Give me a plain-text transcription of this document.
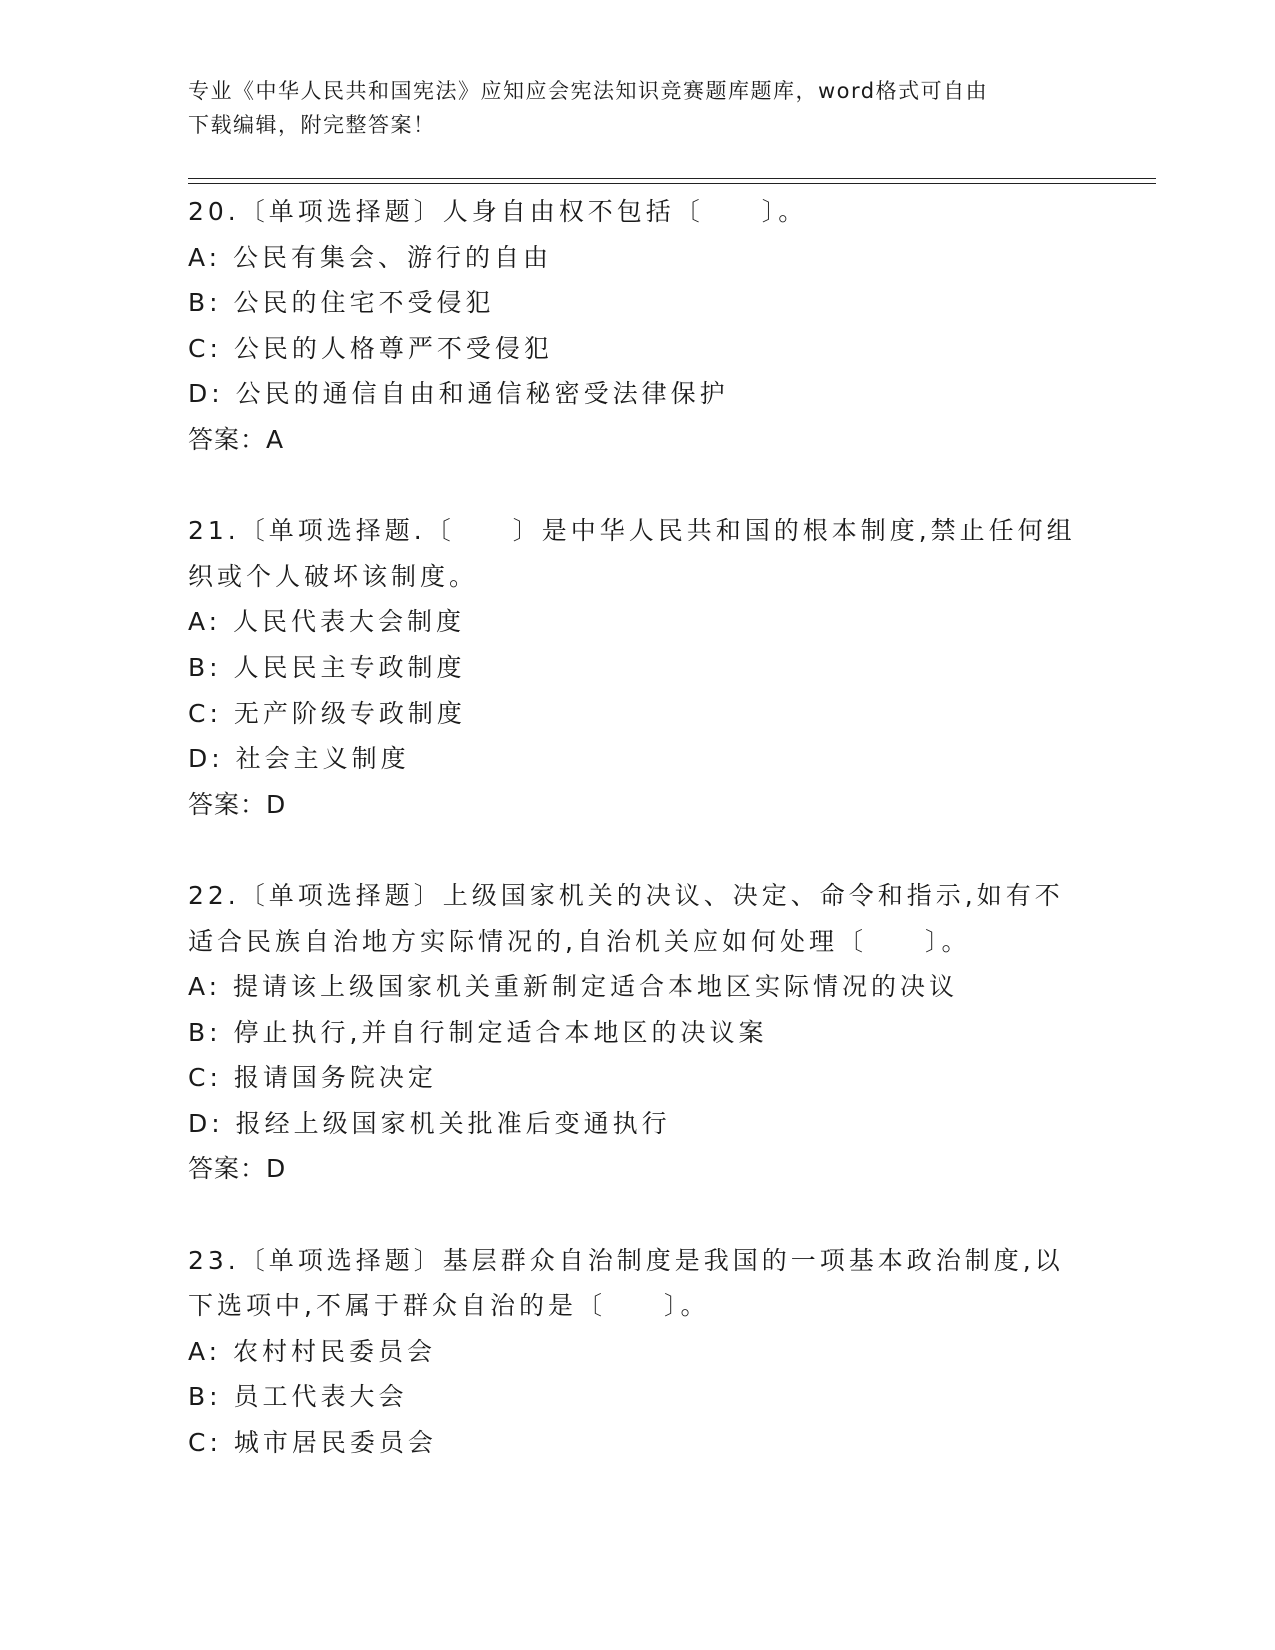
专业《中华人民共和国宪法》应知应会宪法知识竞赛题库题库，word格式可自由
下载编辑，附完整答案！
20.〔单项选择题〕人身自由权不包括〔　　〕。
A: 公民有集会、游行的自由
B: 公民的住宅不受侵犯
C: 公民的人格尊严不受侵犯
D: 公民的通信自由和通信秘密受法律保护
答案：A
21.〔单项选择题.〔　　〕是中华人民共和国的根本制度,禁止任何组
织或个人破坏该制度。
A: 人民代表大会制度
B: 人民民主专政制度
C: 无产阶级专政制度
D: 社会主义制度
答案：D
22.〔单项选择题〕上级国家机关的决议、决定、命令和指示,如有不
适合民族自治地方实际情况的,自治机关应如何处理〔　　〕。
A: 提请该上级国家机关重新制定适合本地区实际情况的决议
B: 停止执行,并自行制定适合本地区的决议案
C: 报请国务院决定
D: 报经上级国家机关批准后变通执行
答案：D
23.〔单项选择题〕基层群众自治制度是我国的一项基本政治制度,以
下选项中,不属于群众自治的是〔　　〕。
A: 农村村民委员会
B: 员工代表大会
C: 城市居民委员会
